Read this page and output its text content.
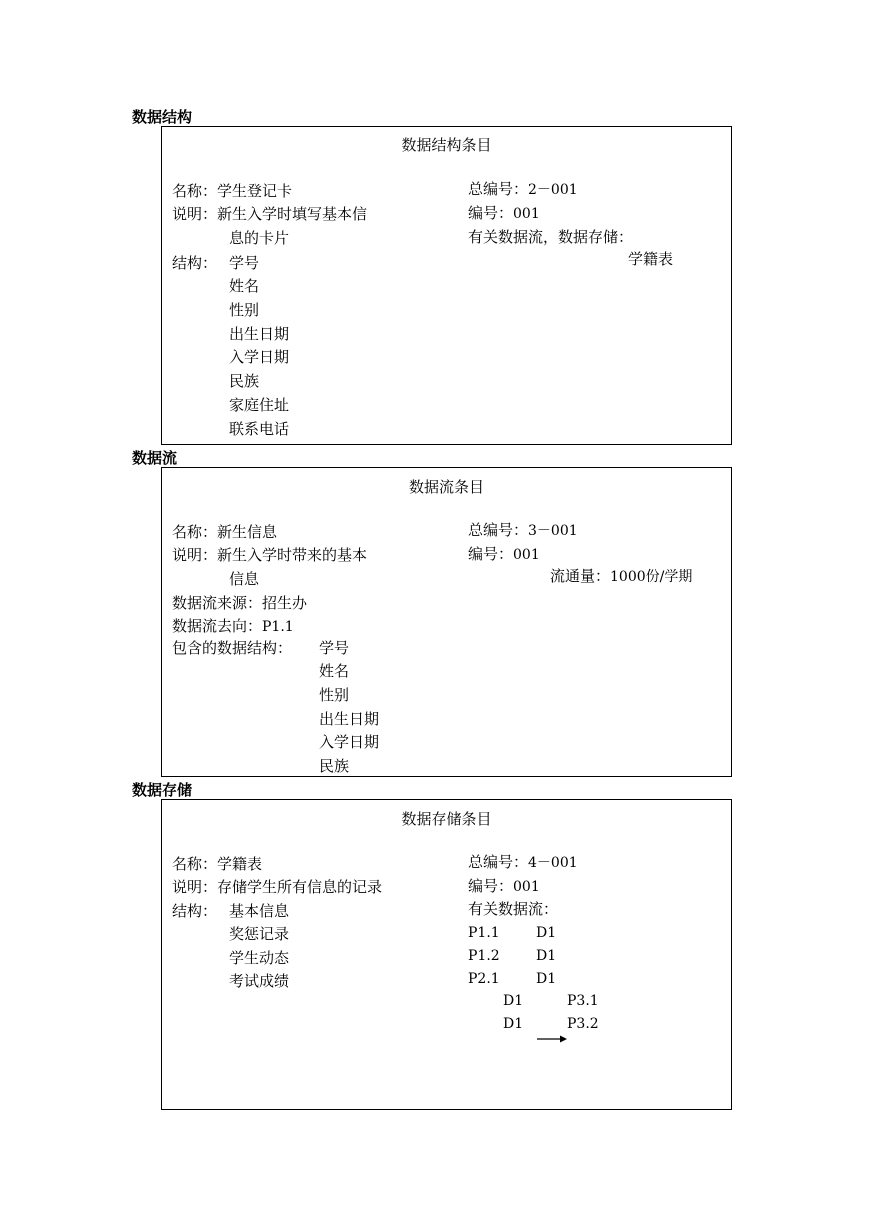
数据结构
数据结构条目
名称：学生登记卡
说明：新生入学时填写基本信
息的卡片
结构： 学号
姓名
性别
出生日期
入学日期
民族
家庭住址
联系电话
总编号：2－001
编号：001
有关数据流，数据存储：
学籍表
数据流
数据流条目
名称：新生信息
说明：新生入学时带来的基本
信息
数据流来源：招生办
数据流去向：P1.1
包含的数据结构： 学号
姓名
性别
出生日期
入学日期
民族
总编号：3－001
编号：001
流通量：1000份/学期
数据存储
数据存储条目
名称：学籍表
说明：存储学生所有信息的记录
结构： 基本信息
奖惩记录
学生动态
考试成绩
总编号：4－001
编号：001
有关数据流：
P1.1	D1
P1.2	D1
P2.1	D1
D1	P3.1
D1	P3.2
